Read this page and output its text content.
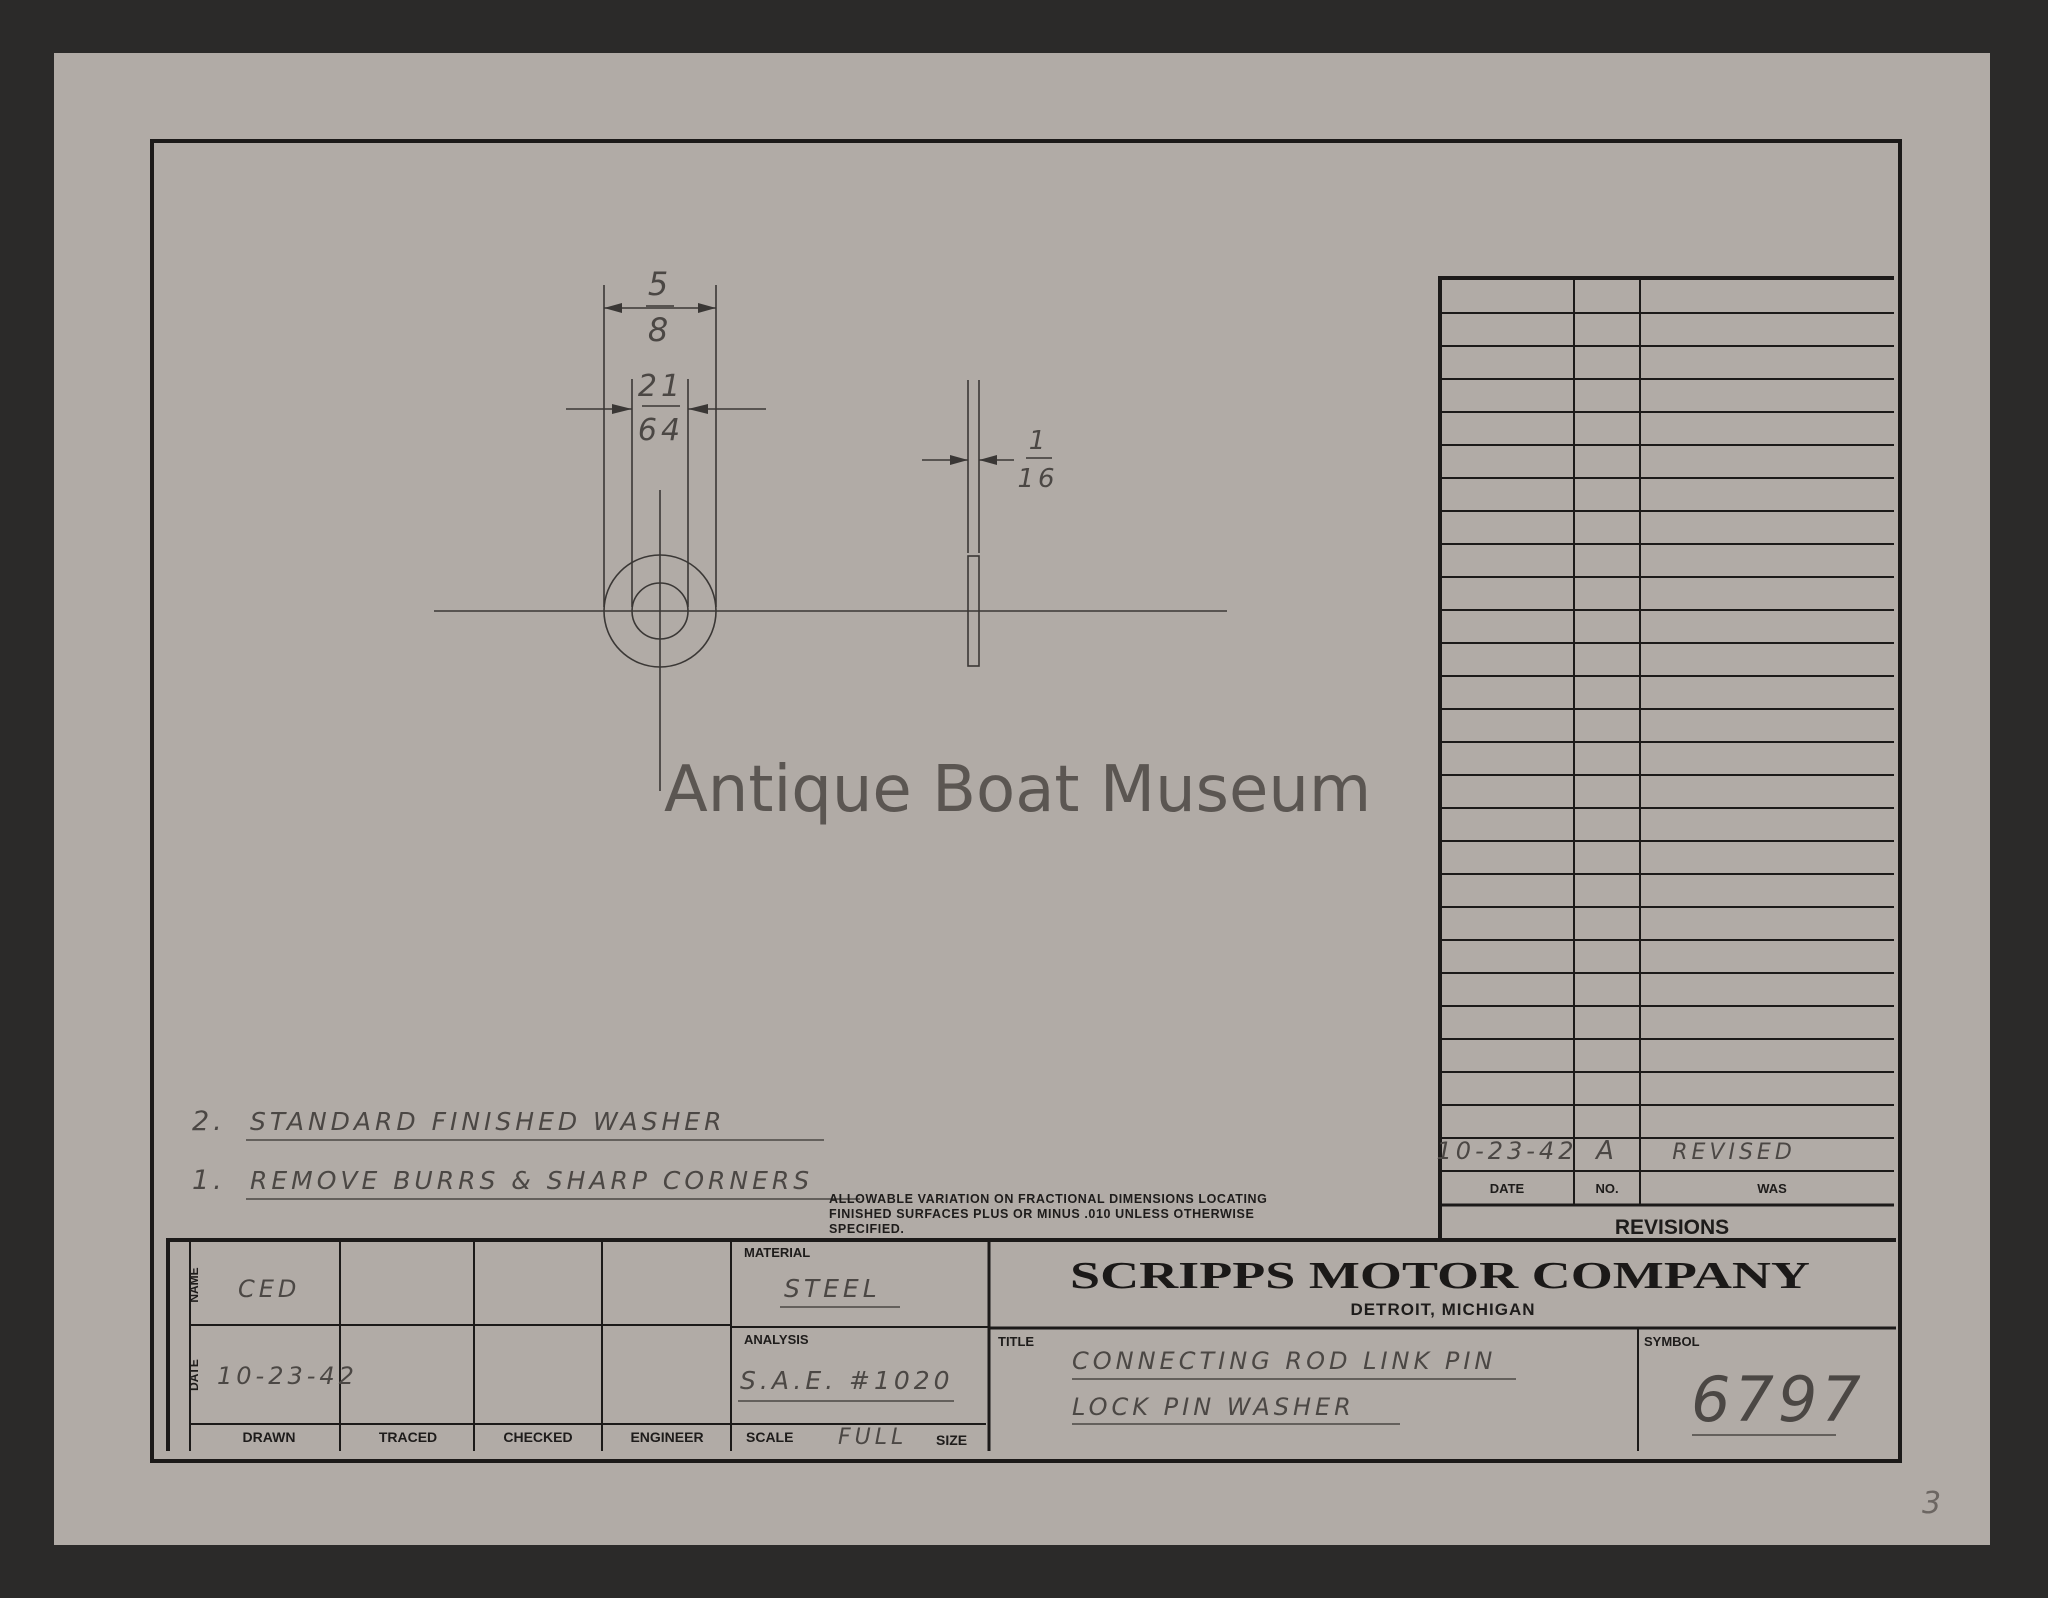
5
8
21
64	1
16
Antique Boat Museum
10-23-42 A REVISED
DATE	NO.	WAS
REVISIONS
2. STANDARD FINISHED WASHER
1. REMOVE BURRS & SHARP CORNERS
ALLOWABLE VARIATION ON FRACTIONAL DIMENSIONS LOCATING
FINISHED SURFACES PLUS OR MINUS .010 UNLESS OTHERWISE
SPECIFIED.
NAME
DATE
CED
10-23-42
DRAWN	TRACED	CHECKED	ENGINEER
MATERIAL
STEEL
ANALYSIS
S.A.E. #1020
SCALE FULL SIZE
SCRIPPS MOTOR COMPANY
DETROIT, MICHIGAN
TITLE
CONNECTING ROD LINK PIN
LOCK PIN WASHER
SYMBOL
6797
3
